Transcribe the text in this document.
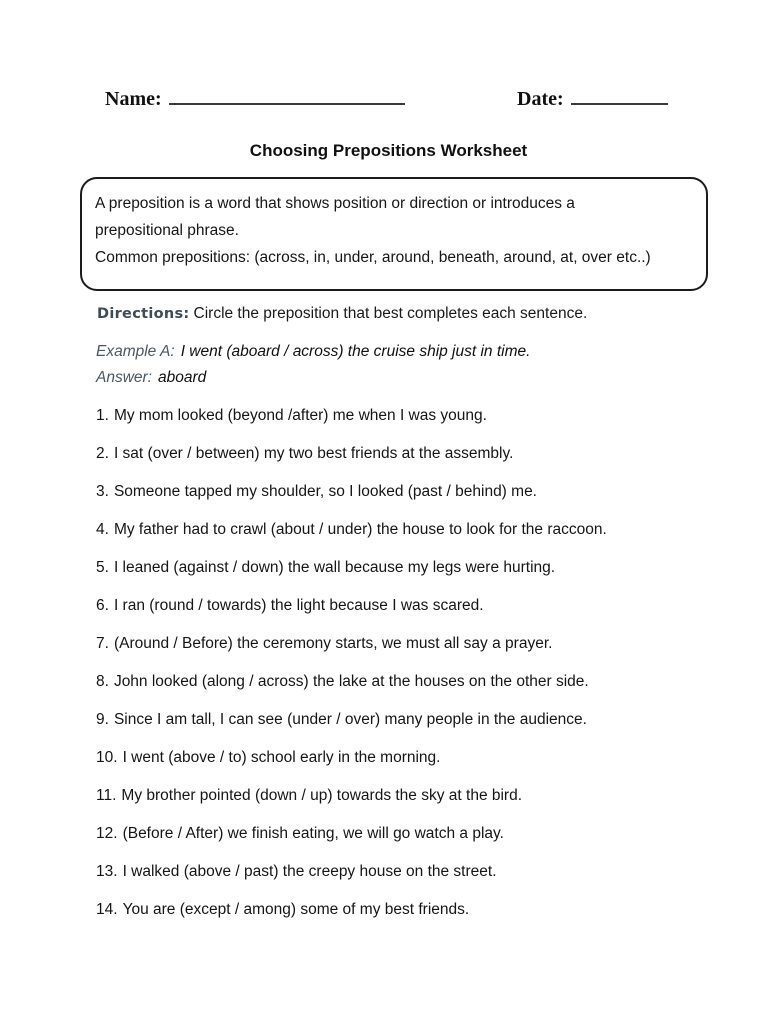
Name:	Date:
Choosing Prepositions Worksheet
A preposition is a word that shows position or direction or introduces a
prepositional phrase.
Common prepositions: (across, in, under, around, beneath, around, at, over etc..)
Directions: Circle the preposition that best completes each sentence.
Example A: I went (aboard / across) the cruise ship just in time.
Answer: aboard
1. My mom looked (beyond /after) me when I was young.
2. I sat (over / between) my two best friends at the assembly.
3. Someone tapped my shoulder, so I looked (past / behind) me.
4. My father had to crawl (about / under) the house to look for the raccoon.
5. I leaned (against / down) the wall because my legs were hurting.
6. I ran (round / towards) the light because I was scared.
7. (Around / Before) the ceremony starts, we must all say a prayer.
8. John looked (along / across) the lake at the houses on the other side.
9. Since I am tall, I can see (under / over) many people in the audience.
10. I went (above / to) school early in the morning.
11. My brother pointed (down / up) towards the sky at the bird.
12. (Before / After) we finish eating, we will go watch a play.
13. I walked (above / past) the creepy house on the street.
14. You are (except / among) some of my best friends.
